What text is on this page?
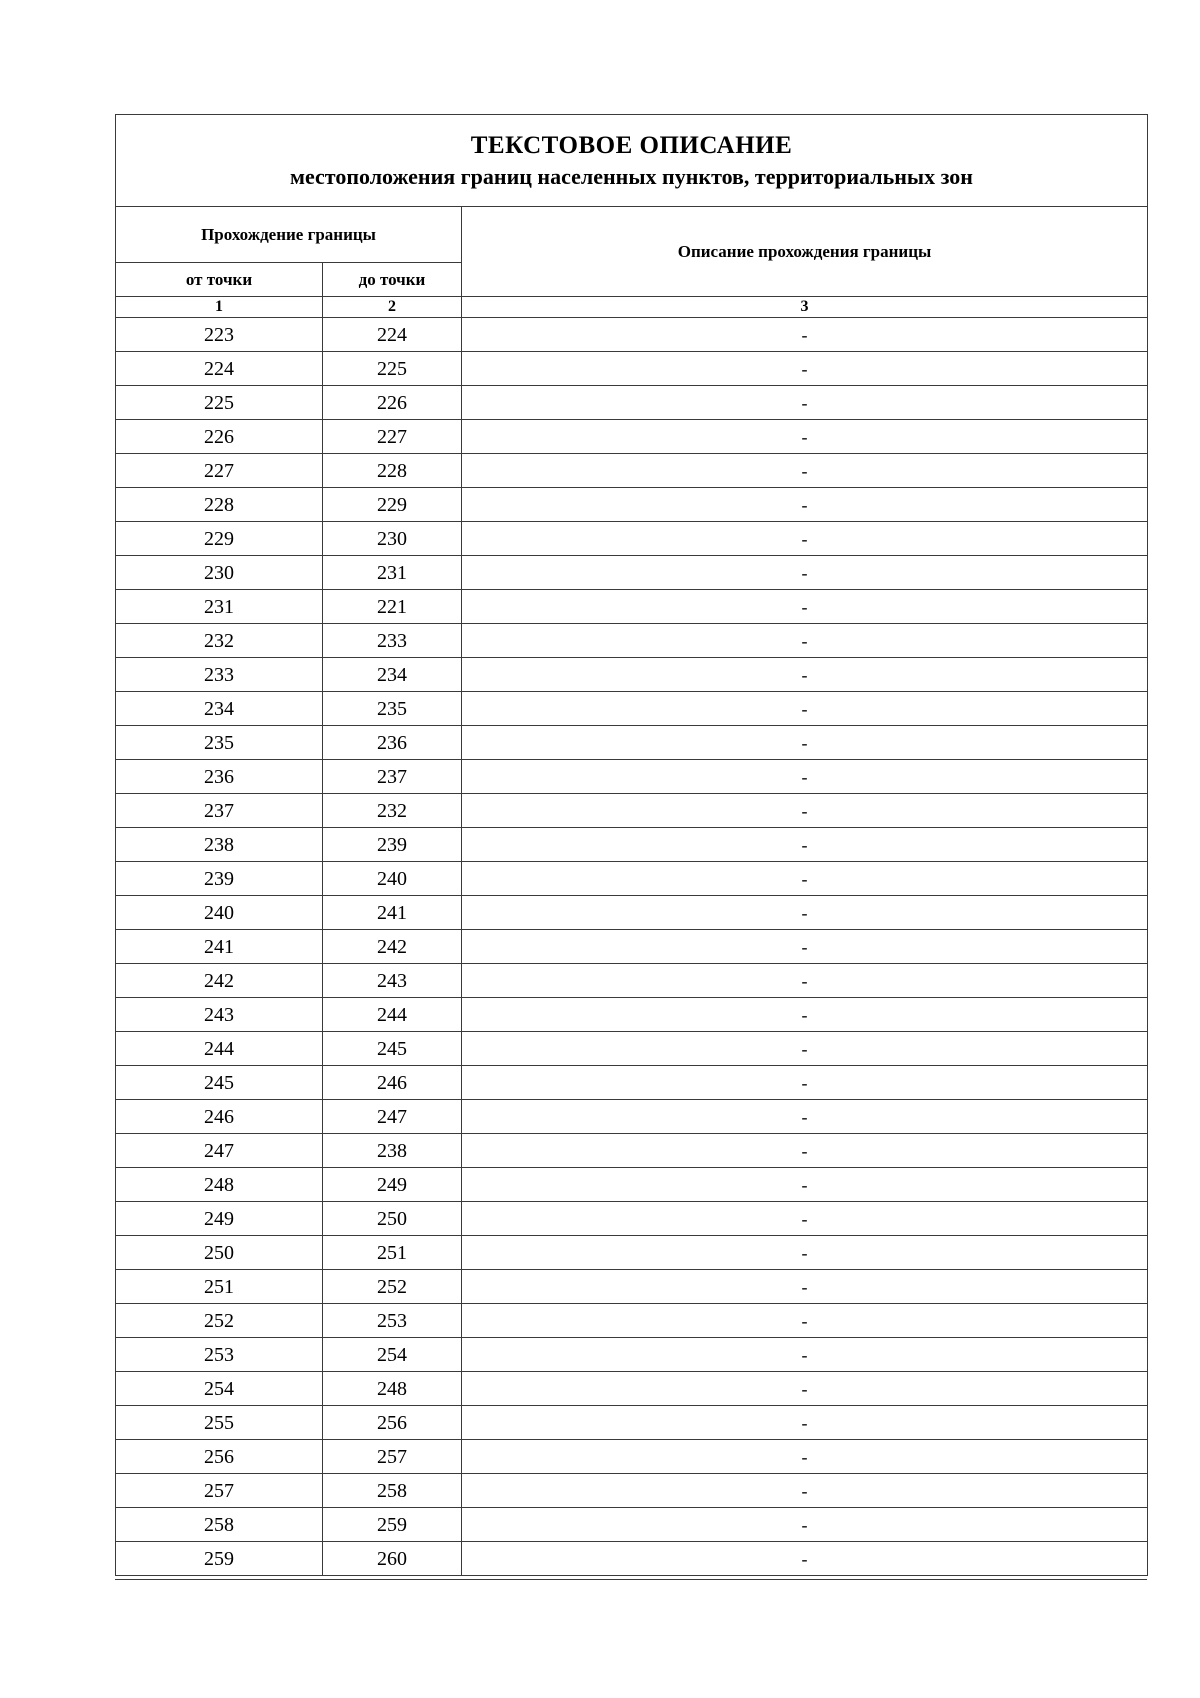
ТЕКСТОВОЕ ОПИСАНИЕ
местоположения границ населенных пунктов, территориальных зон		

Прохождение границы		Описание прохождения границы
от точки	до точки	
1	2	3
223	224	-
224	225	-
225	226	-
226	227	-
227	228	-
228	229	-
229	230	-
230	231	-
231	221	-
232	233	-
233	234	-
234	235	-
235	236	-
236	237	-
237	232	-
238	239	-
239	240	-
240	241	-
241	242	-
242	243	-
243	244	-
244	245	-
245	246	-
246	247	-
247	238	-
248	249	-
249	250	-
250	251	-
251	252	-
252	253	-
253	254	-
254	248	-
255	256	-
256	257	-
257	258	-
258	259	-
259	260	-
